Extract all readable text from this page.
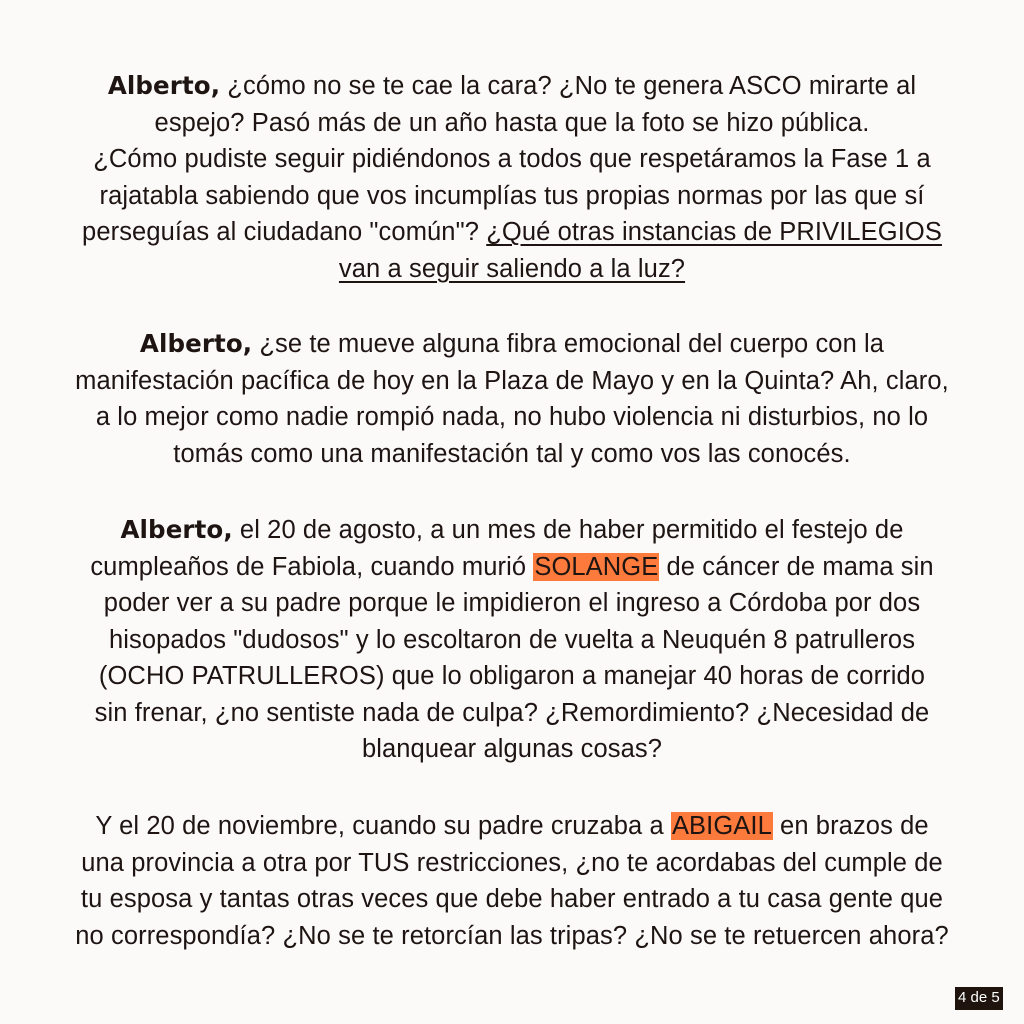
Alberto, ¿cómo no se te cae la cara? ¿No te genera ASCO mirarte al
espejo? Pasó más de un año hasta que la foto se hizo pública.
¿Cómo pudiste seguir pidiéndonos a todos que respetáramos la Fase 1 a
rajatabla sabiendo que vos incumplías tus propias normas por las que sí
perseguías al ciudadano "común"? ¿Qué otras instancias de PRIVILEGIOS
van a seguir saliendo a la luz?
Alberto, ¿se te mueve alguna fibra emocional del cuerpo con la
manifestación pacífica de hoy en la Plaza de Mayo y en la Quinta? Ah, claro,
a lo mejor como nadie rompió nada, no hubo violencia ni disturbios, no lo
tomás como una manifestación tal y como vos las conocés.
Alberto, el 20 de agosto, a un mes de haber permitido el festejo de
cumpleaños de Fabiola, cuando murió SOLANGE de cáncer de mama sin
poder ver a su padre porque le impidieron el ingreso a Córdoba por dos
hisopados "dudosos" y lo escoltaron de vuelta a Neuquén 8 patrulleros
(OCHO PATRULLEROS) que lo obligaron a manejar 40 horas de corrido
sin frenar, ¿no sentiste nada de culpa? ¿Remordimiento? ¿Necesidad de
blanquear algunas cosas?
Y el 20 de noviembre, cuando su padre cruzaba a ABIGAIL en brazos de
una provincia a otra por TUS restricciones, ¿no te acordabas del cumple de
tu esposa y tantas otras veces que debe haber entrado a tu casa gente que
no correspondía? ¿No se te retorcían las tripas? ¿No se te retuercen ahora?
4 de 5
